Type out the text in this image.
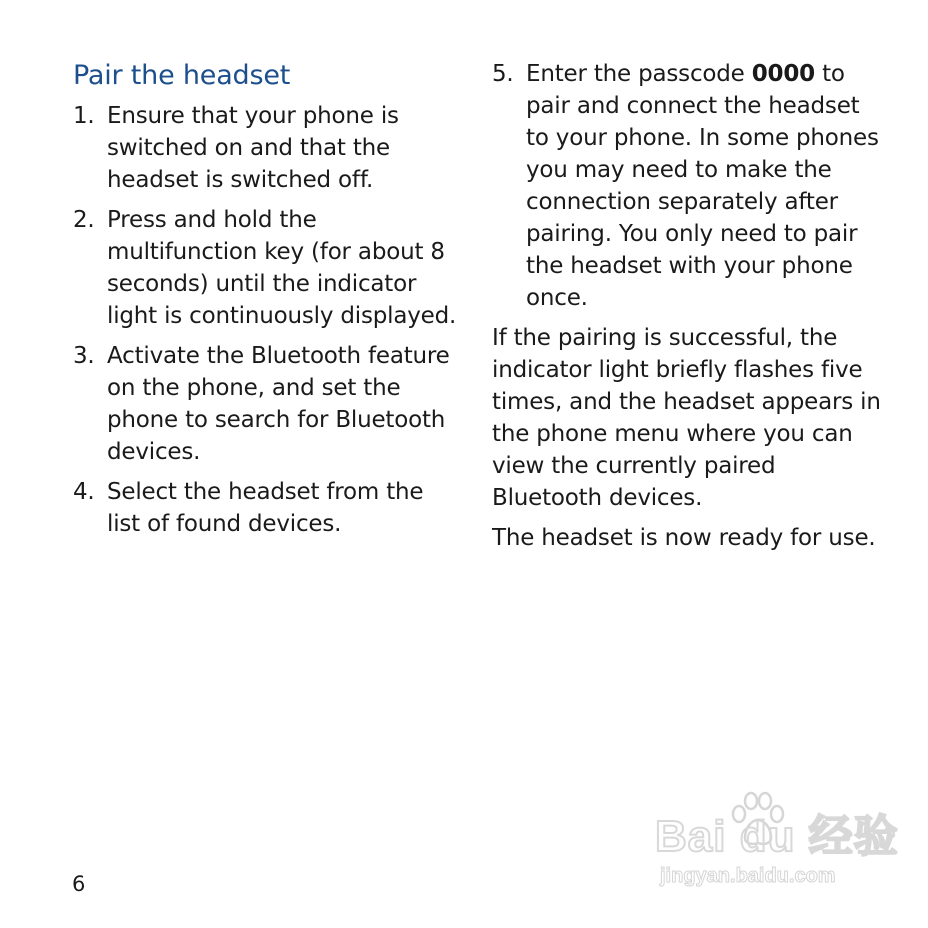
Pair the headset
1. Ensure that your phone is switched on and that the headset is switched off.
2. Press and hold the multifunction key (for about 8 seconds) until the indicator light is continuously displayed.
3. Activate the Bluetooth feature on the phone, and set the phone to search for Bluetooth devices.
4. Select the headset from the list of found devices.
5. Enter the passcode 0000 to pair and connect the headset to your phone. In some phones you may need to make the connection separately after pairing. You only need to pair the headset with your phone once.

If the pairing is successful, the indicator light briefly flashes five times, and the headset appears in the phone menu where you can view the currently paired Bluetooth devices.

The headset is now ready for use.

6
Bai du 经验
jingyan.baidu.com
